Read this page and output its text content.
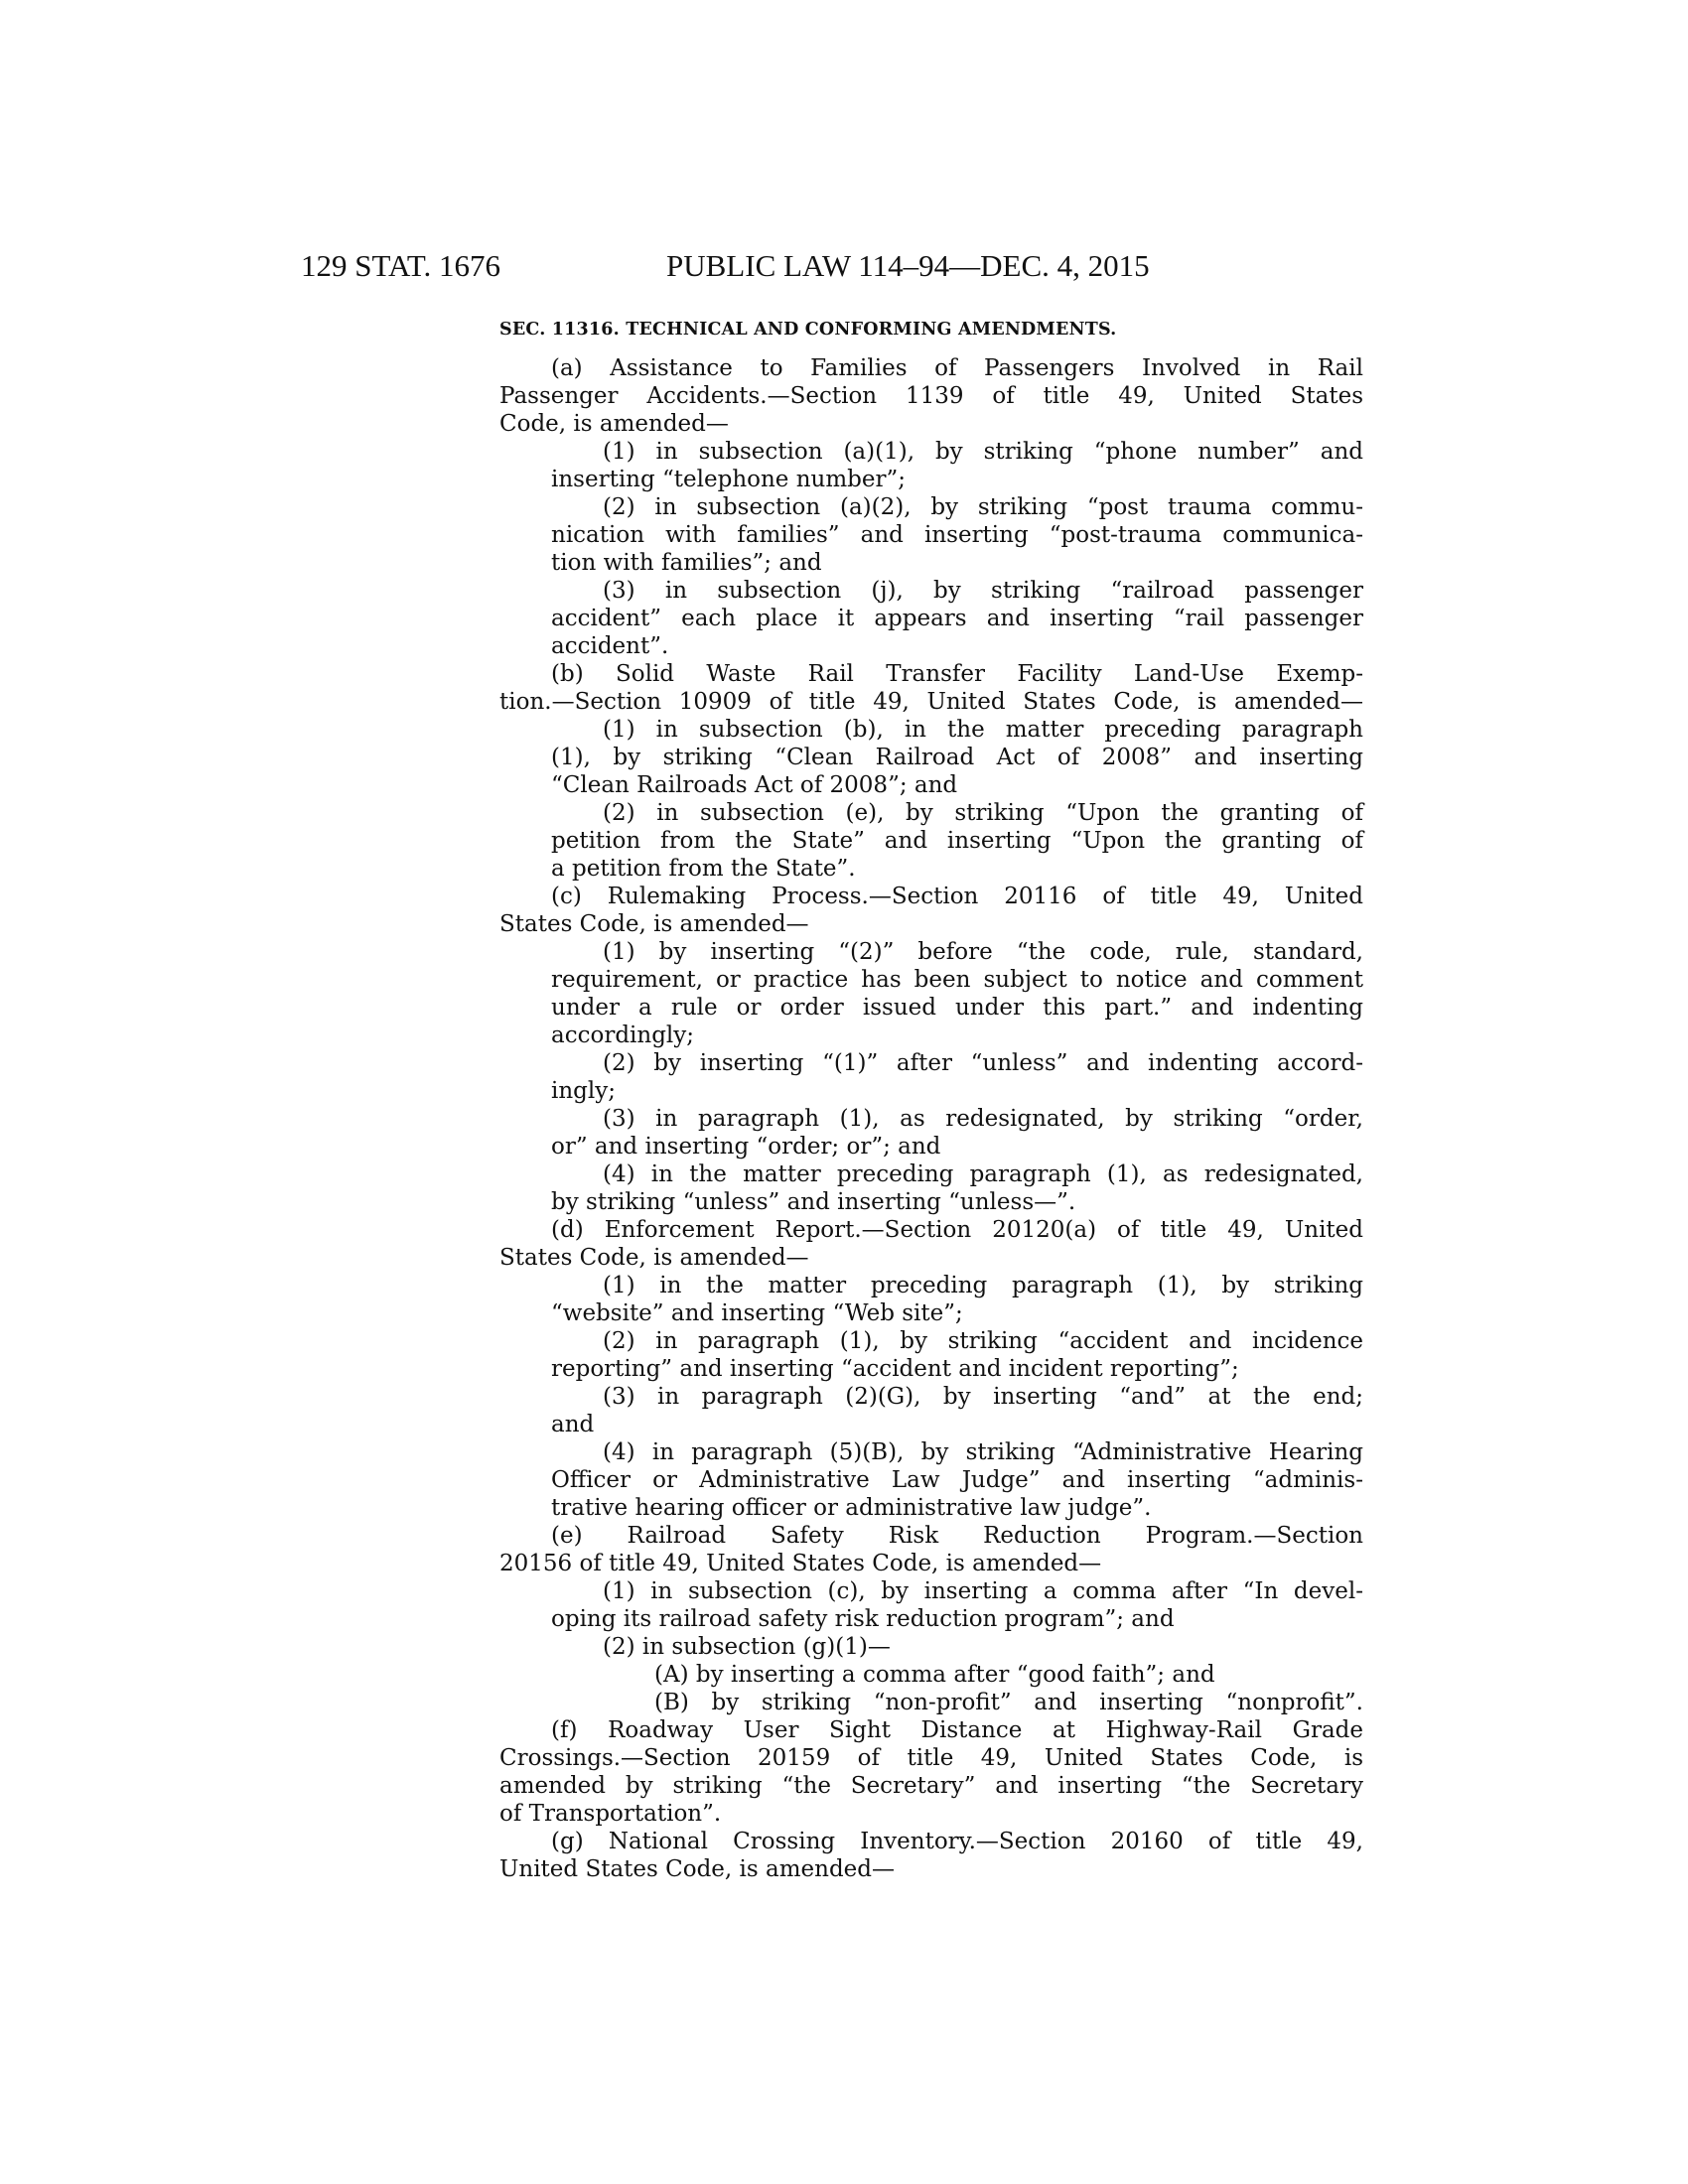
129 STAT. 1676	PUBLIC LAW 114–94—DEC. 4, 2015
SEC. 11316. TECHNICAL AND CONFORMING AMENDMENTS.
(a) Assistance to Families of Passengers Involved in Rail
Passenger Accidents.—Section 1139 of title 49, United States
Code, is amended—
(1) in subsection (a)(1), by striking “phone number” and
inserting “telephone number”;
(2) in subsection (a)(2), by striking “post trauma commu-
nication with families” and inserting “post-trauma communica-
tion with families”; and
(3) in subsection (j), by striking “railroad passenger
accident” each place it appears and inserting “rail passenger
accident”.
(b) Solid Waste Rail Transfer Facility Land-Use Exemp-
tion.—Section 10909 of title 49, United States Code, is amended—
(1) in subsection (b), in the matter preceding paragraph
(1), by striking “Clean Railroad Act of 2008” and inserting
“Clean Railroads Act of 2008”; and
(2) in subsection (e), by striking “Upon the granting of
petition from the State” and inserting “Upon the granting of
a petition from the State”.
(c) Rulemaking Process.—Section 20116 of title 49, United
States Code, is amended—
(1) by inserting “(2)” before “the code, rule, standard,
requirement, or practice has been subject to notice and comment
under a rule or order issued under this part.” and indenting
accordingly;
(2) by inserting “(1)” after “unless” and indenting accord-
ingly;
(3) in paragraph (1), as redesignated, by striking “order,
or” and inserting “order; or”; and
(4) in the matter preceding paragraph (1), as redesignated,
by striking “unless” and inserting “unless—”.
(d) Enforcement Report.—Section 20120(a) of title 49, United
States Code, is amended—
(1) in the matter preceding paragraph (1), by striking
“website” and inserting “Web site”;
(2) in paragraph (1), by striking “accident and incidence
reporting” and inserting “accident and incident reporting”;
(3) in paragraph (2)(G), by inserting “and” at the end;
and
(4) in paragraph (5)(B), by striking “Administrative Hearing
Officer or Administrative Law Judge” and inserting “adminis-
trative hearing officer or administrative law judge”.
(e) Railroad Safety Risk Reduction Program.—Section
20156 of title 49, United States Code, is amended—
(1) in subsection (c), by inserting a comma after “In devel-
oping its railroad safety risk reduction program”; and
(2) in subsection (g)(1)—
(A) by inserting a comma after “good faith”; and
(B) by striking “non-profit” and inserting “nonprofit”.
(f) Roadway User Sight Distance at Highway-Rail Grade
Crossings.—Section 20159 of title 49, United States Code, is
amended by striking “the Secretary” and inserting “the Secretary
of Transportation”.
(g) National Crossing Inventory.—Section 20160 of title 49,
United States Code, is amended—
